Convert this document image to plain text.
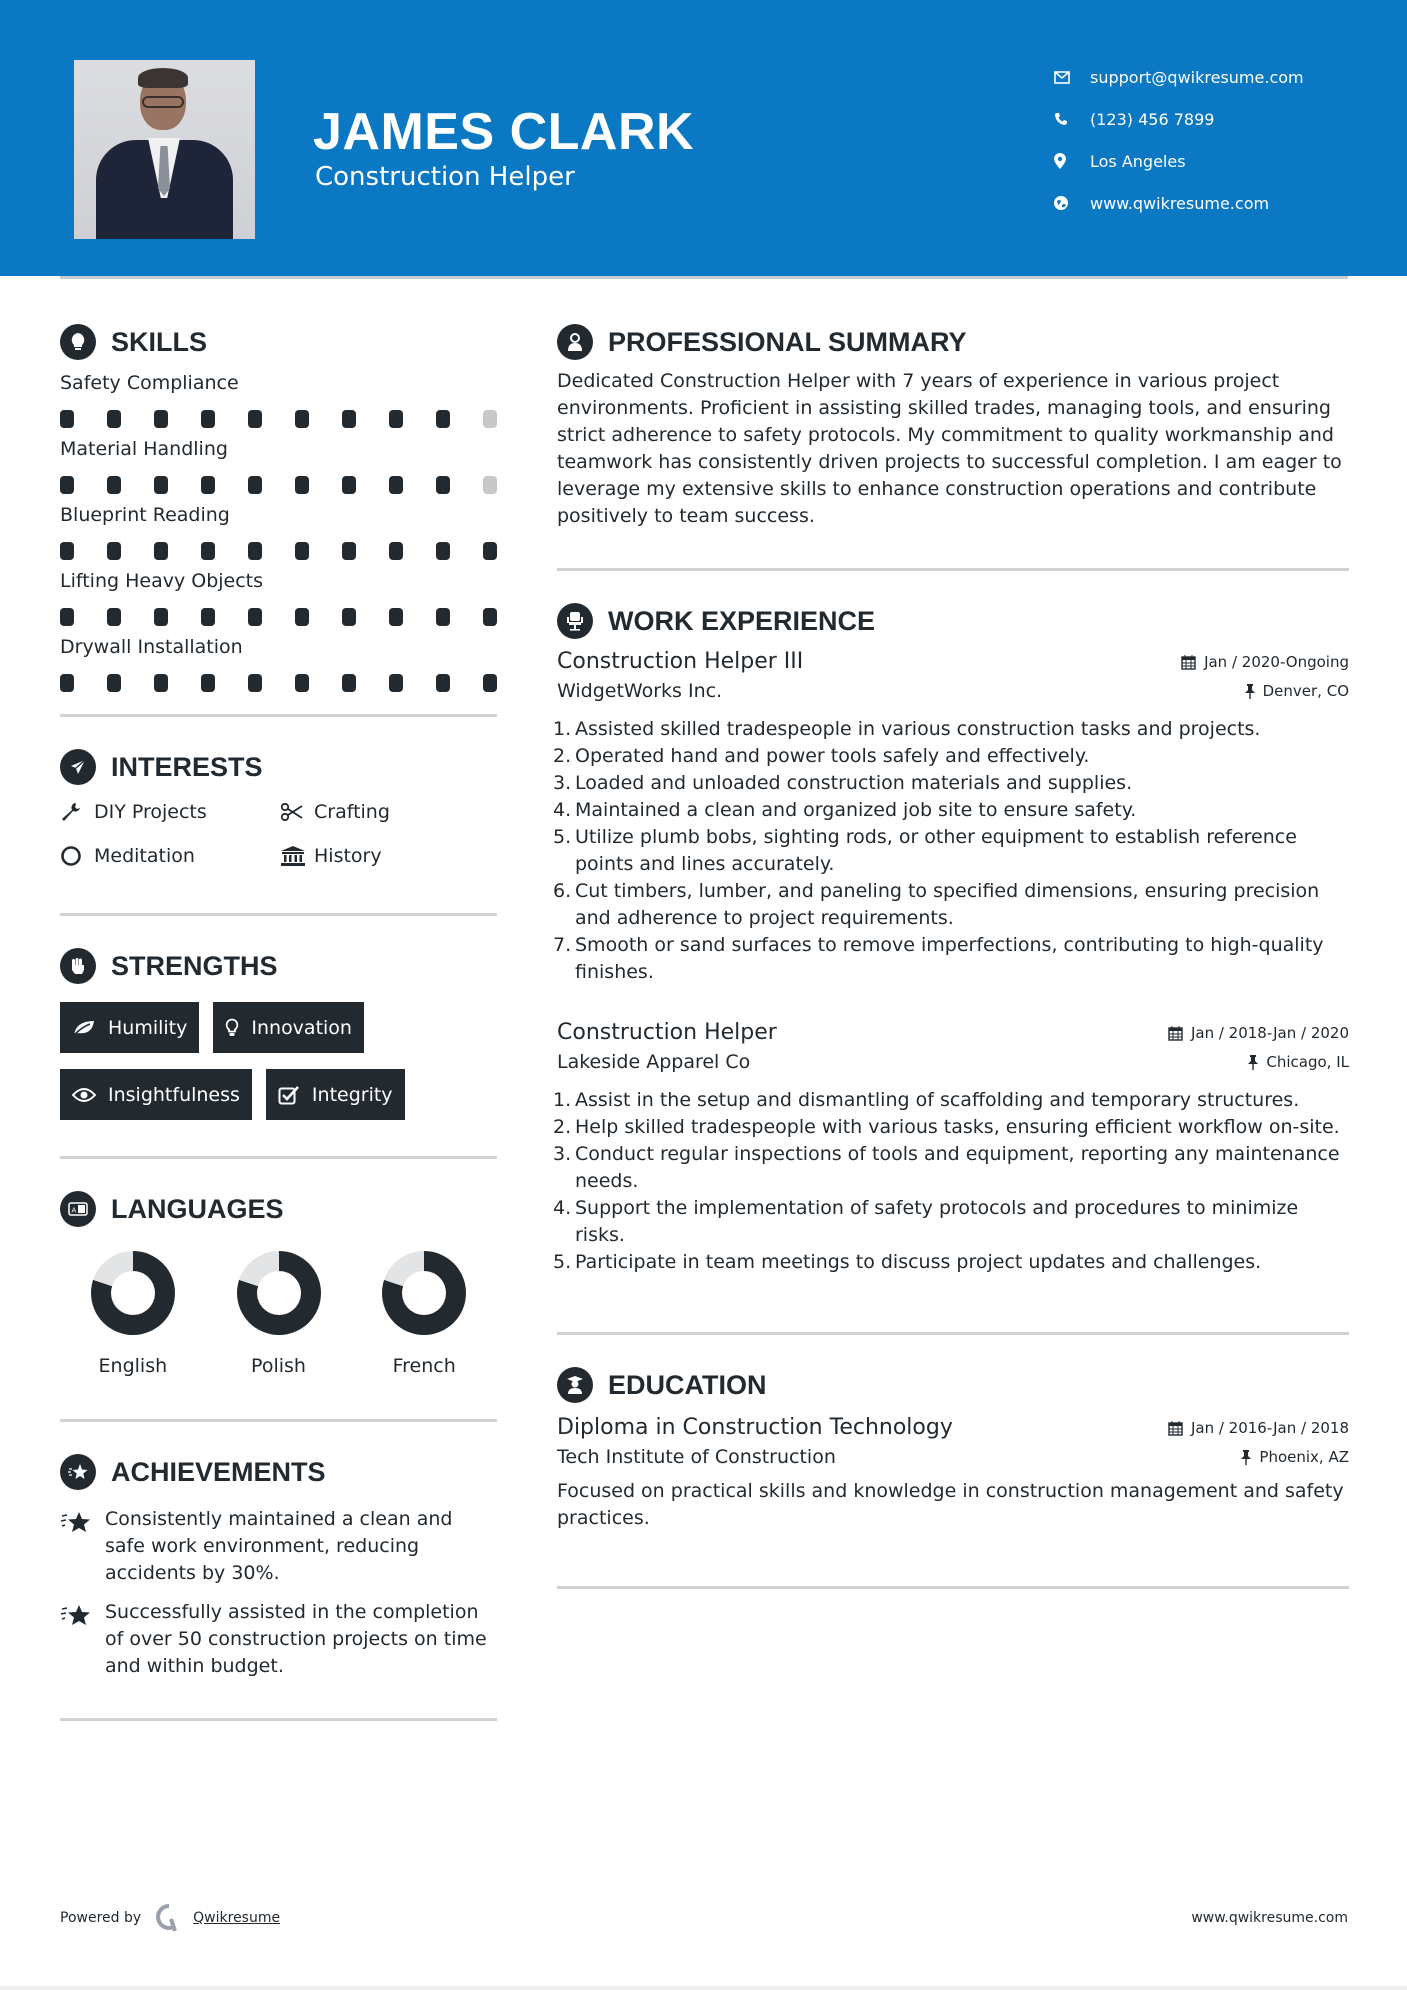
JAMES CLARK
Construction Helper
support@qwikresume.com
(123) 456 7899
Los Angeles
www.qwikresume.com
SKILLS
Safety Compliance
Material Handling
Blueprint Reading
Lifting Heavy Objects
Drywall Installation
INTERESTS
DIY Projects	Crafting
Meditation	History
STRENGTHS
Humility	Innovation
Insightfulness	Integrity
A LANGUAGES
English	Polish	French
ACHIEVEMENTS
Consistently maintained a clean and safe work environment, reducing accidents by 30%.
Successfully assisted in the completion of over 50 construction projects on time and within budget.
PROFESSIONAL SUMMARY

Dedicated Construction Helper with 7 years of experience in various project environments. Proficient in assisting skilled trades, managing tools, and ensuring strict adherence to safety protocols. My commitment to quality workmanship and teamwork has consistently driven projects to successful completion. I am eager to leverage my extensive skills to enhance construction operations and contribute positively to team success.

WORK EXPERIENCE
Construction Helper III	Jan / 2020-Ongoing
WidgetWorks Inc.	Denver, CO
Assisted skilled tradespeople in various construction tasks and projects.
Operated hand and power tools safely and effectively.
Loaded and unloaded construction materials and supplies.
Maintained a clean and organized job site to ensure safety.
Utilize plumb bobs, sighting rods, or other equipment to establish reference points and lines accurately.
Cut timbers, lumber, and paneling to specified dimensions, ensuring precision and adherence to project requirements.
Smooth or sand surfaces to remove imperfections, contributing to high-quality finishes.
Construction Helper	Jan / 2018-Jan / 2020
Lakeside Apparel Co	Chicago, IL
Assist in the setup and dismantling of scaffolding and temporary structures.
Help skilled tradespeople with various tasks, ensuring efficient workflow on-site.
Conduct regular inspections of tools and equipment, reporting any maintenance needs.
Support the implementation of safety protocols and procedures to minimize risks.
Participate in team meetings to discuss project updates and challenges.
EDUCATION
Diploma in Construction Technology	Jan / 2016-Jan / 2018
Tech Institute of Construction	Phoenix, AZ

Focused on practical skills and knowledge in construction management and safety practices.

Powered by	Qwikresume	www.qwikresume.com
